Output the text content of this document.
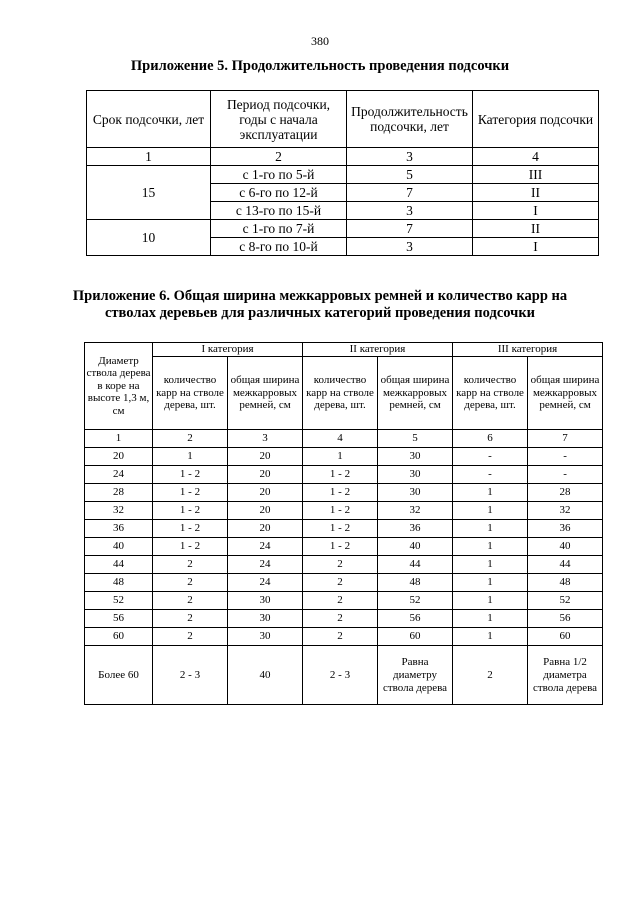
380
Приложение 5. Продолжительность проведения подсочки
Срок подсочки, лет	Период подсочки, годы с начала эксплуатации	Продолжительность подсочки, лет	Категория подсочки
1	2	3	4
15	с 1-го по 5-й	5	III
	с 6-го по 12-й	7	II
	с 13-го по 15-й	3	I
10	с 1-го по 7-й	7	II
	с 8-го по 10-й	3	I
Приложение 6. Общая ширина межкарровых ремней и количество карр на
стволах деревьев для различных категорий проведения подсочки
Диаметр ствола дерева в коре на высоте 1,3 м, см	I категория		II категория		III категория	
	количество карр на стволе дерева, шт.	общая ширина межкарровых ремней, см	количество карр на стволе дерева, шт.	общая ширина межкарровых ремней, см	количество карр на стволе дерева, шт.	общая ширина межкарровых ремней, см
1	2	3	4	5	6	7
20	1	20	1	30	-	-
24	1 - 2	20	1 - 2	30	-	-
28	1 - 2	20	1 - 2	30	1	28
32	1 - 2	20	1 - 2	32	1	32
36	1 - 2	20	1 - 2	36	1	36
40	1 - 2	24	1 - 2	40	1	40
44	2	24	2	44	1	44
48	2	24	2	48	1	48
52	2	30	2	52	1	52
56	2	30	2	56	1	56
60	2	30	2	60	1	60
Более 60	2 - 3	40	2 - 3	Равна диаметру ствола дерева	2	Равна 1/2 диаметра ствола дерева
